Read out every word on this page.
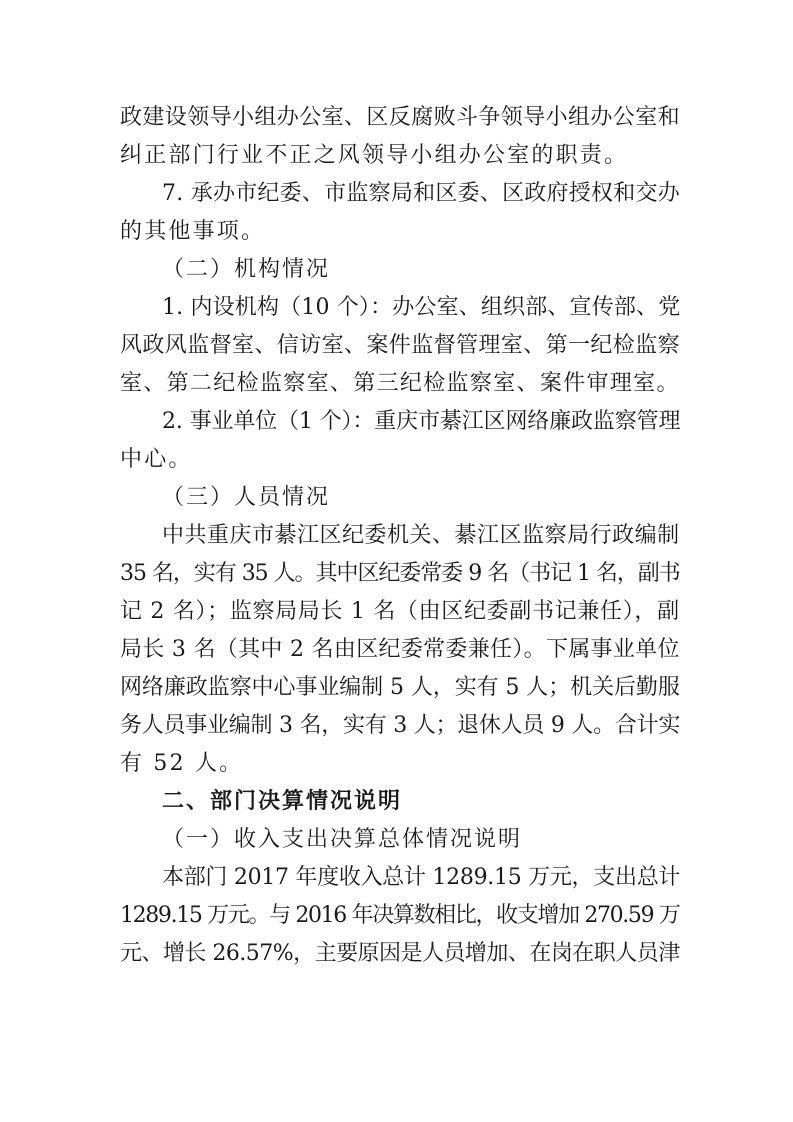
政建设领导小组办公室、区反腐败斗争领导小组办公室和
纠正部门行业不正之风领导小组办公室的职责。
7. 承办市纪委、市监察局和区委、区政府授权和交办
的其他事项。
（二）机构情况
1. 内设机构（10 个）：办公室、组织部、宣传部、党
风政风监督室、信访室、案件监督管理室、第一纪检监察
室、第二纪检监察室、第三纪检监察室、案件审理室。
2. 事业单位（1 个）：重庆市綦江区网络廉政监察管理
中心。
（三）人员情况
中共重庆市綦江区纪委机关、綦江区监察局行政编制
35 名，实有 35 人。其中区纪委常委 9 名（书记 1 名，副书
记 2 名）；监察局局长 1 名（由区纪委副书记兼任），副
局长 3 名（其中 2 名由区纪委常委兼任）。下属事业单位
网络廉政监察中心事业编制 5 人，实有 5 人；机关后勤服
务人员事业编制 3 名，实有 3 人；退休人员 9 人。合计实
有 52 人。
二、部门决算情况说明
（一）收入支出决算总体情况说明
本部门 2017 年度收入总计 1289.15 万元，支出总计
1289.15 万元。与 2016 年决算数相比，收支增加 270.59 万
元、增长 26.57%，主要原因是人员增加、在岗在职人员津
